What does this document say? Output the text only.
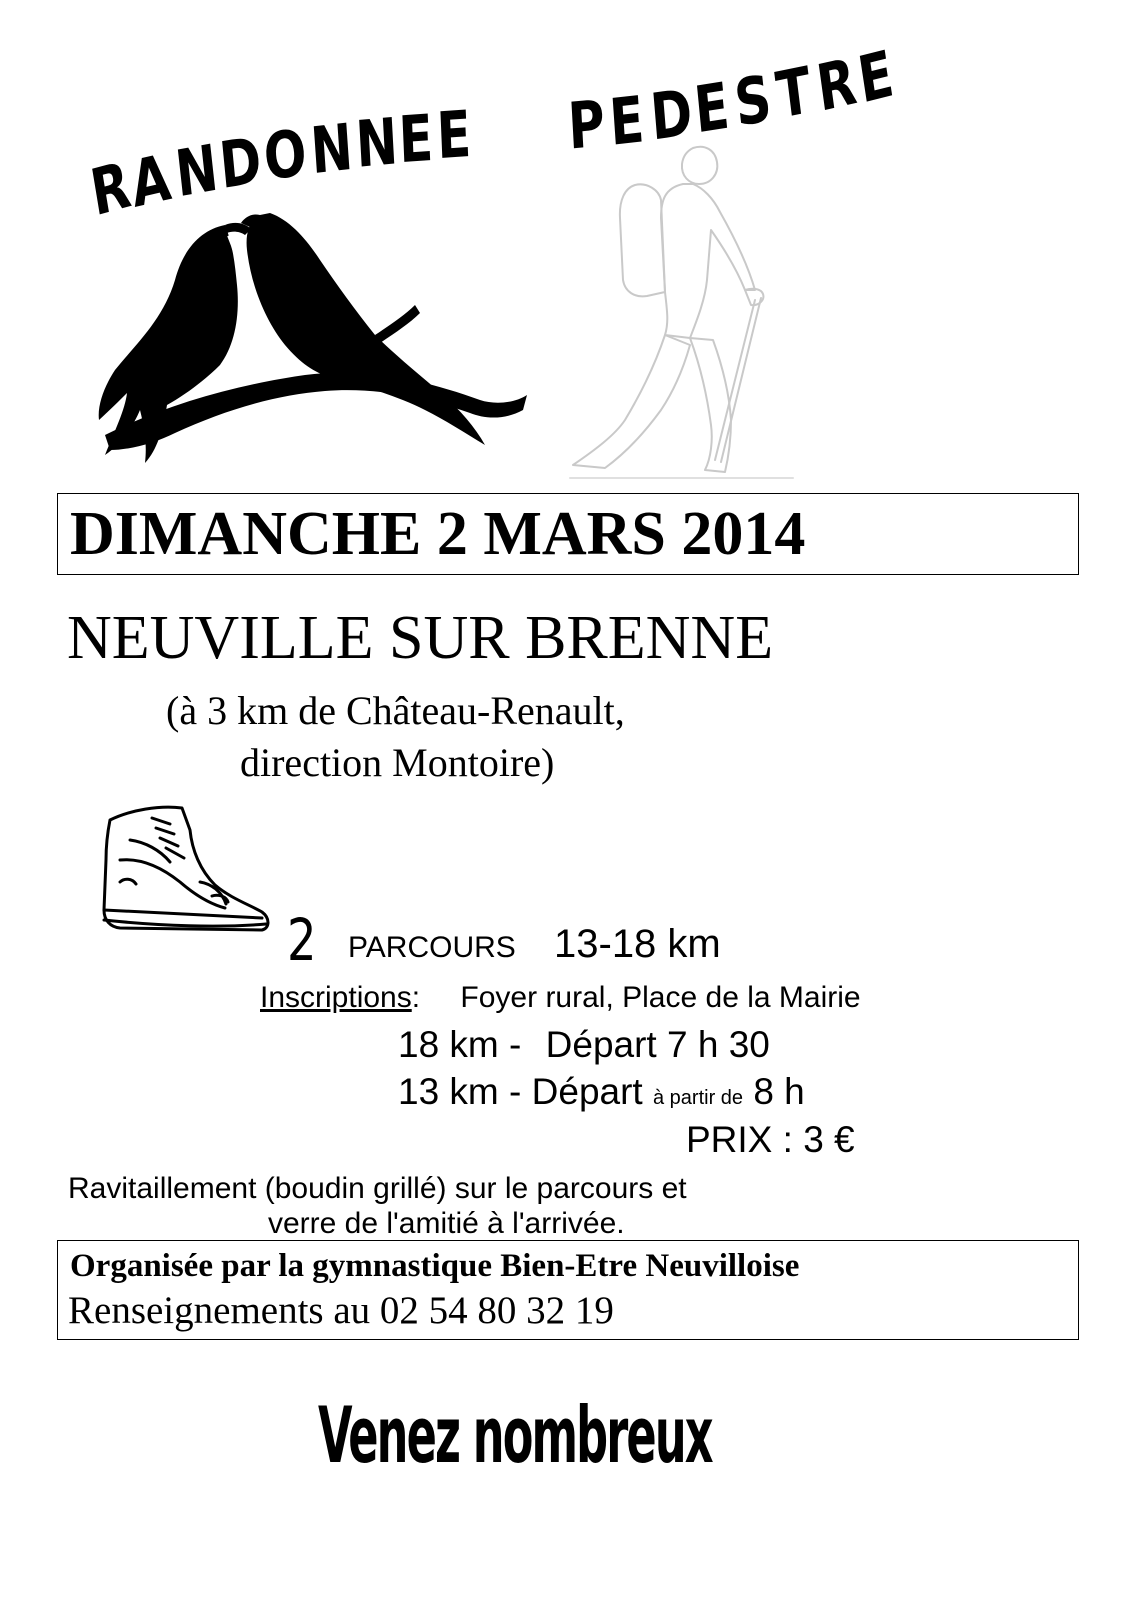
R
A
N
D
O N
N
E E P E D
E
S
T
R
E
DIMANCHE 2 MARS 2014
NEUVILLE SUR BRENNE
(à 3 km de Château-Renault,
direction Montoire)
2 PARCOURS 13-18 km
Inscriptions: Foyer rural, Place de la Mairie
18 km - Départ 7 h 30
13 km - Départ à partir de 8 h
PRIX : 3 €
Ravitaillement (boudin grillé) sur le parcours et
verre de l'amitié à l'arrivée.
Organisée par la gymnastique Bien-Etre Neuvilloise
Renseignements au 02 54 80 32 19
Venez nombreux
